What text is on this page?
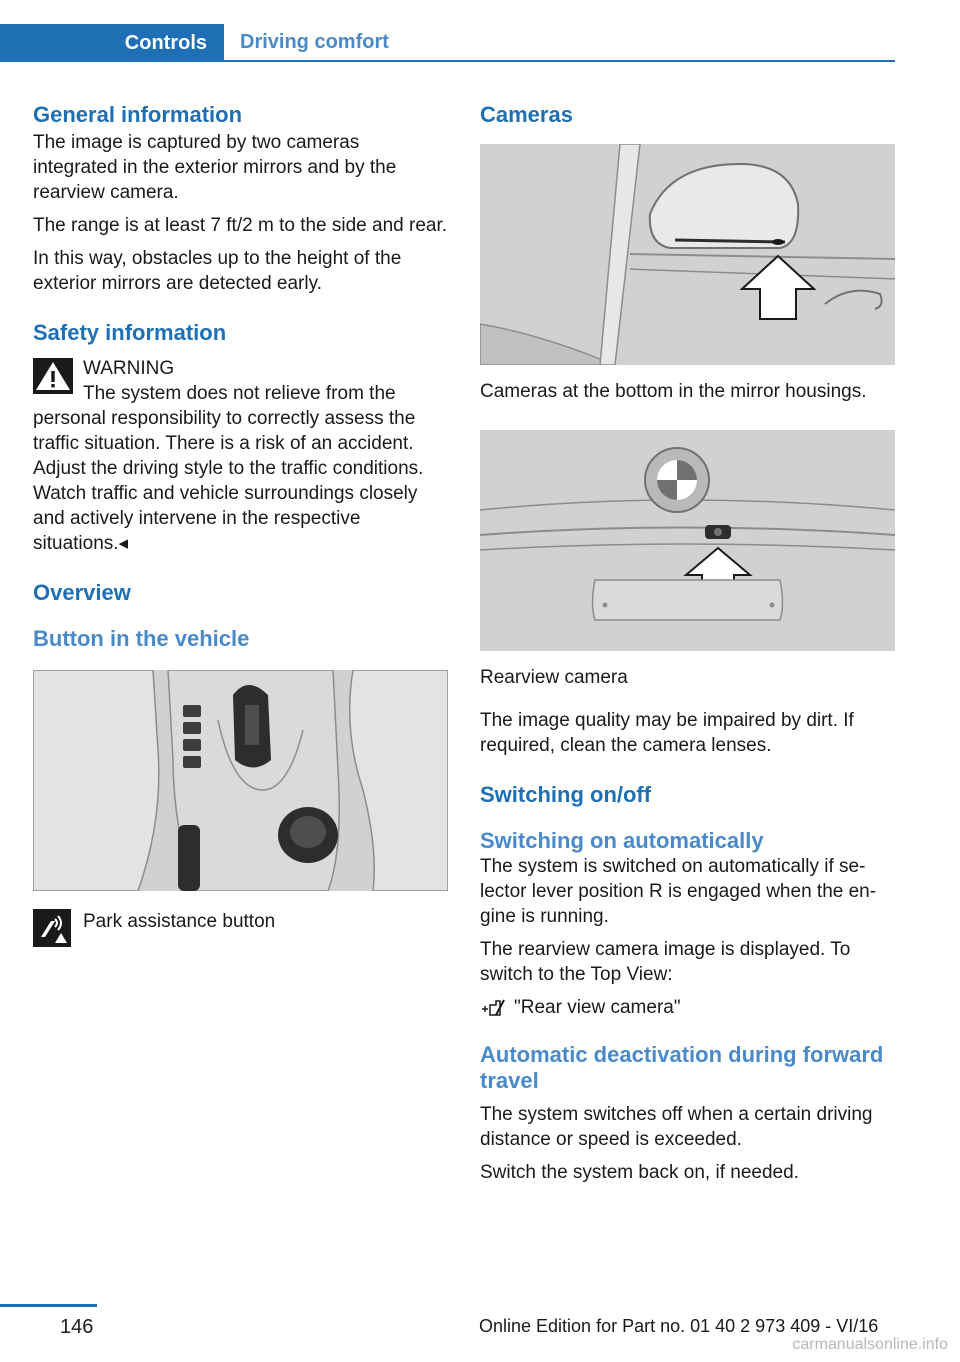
Controls	Driving comfort
General information

The image is captured by two cameras integrated in the exterior mirrors and by the rearview camera.

The range is at least 7 ft/2 m to the side and rear.

In this way, obstacles up to the height of the exterior mirrors are detected early.

Safety information

WARNING

The system does not relieve from the personal responsibility to correctly assess the traffic situation. There is a risk of an accident. Adjust the driving style to the traffic conditions. Watch traffic and vehicle surroundings closely and actively intervene in the respective situations.◂

Overview
Button in the vehicle

Park assistance button

Cameras

Cameras at the bottom in the mirror housings.

Rearview camera

The image quality may be impaired by dirt. If required, clean the camera lenses.

Switching on/off
Switching on automatically

The system is switched on automatically if selector lever position R is engaged when the engine is running.

The rearview camera image is displayed. To switch to the Top View:

"Rear view camera"

Automatic deactivation during forward travel

The system switches off when a certain driving distance or speed is exceeded.

Switch the system back on, if needed.

146	Online Edition for Part no. 01 40 2 973 409 - VI/16
carmanualsonline.info
